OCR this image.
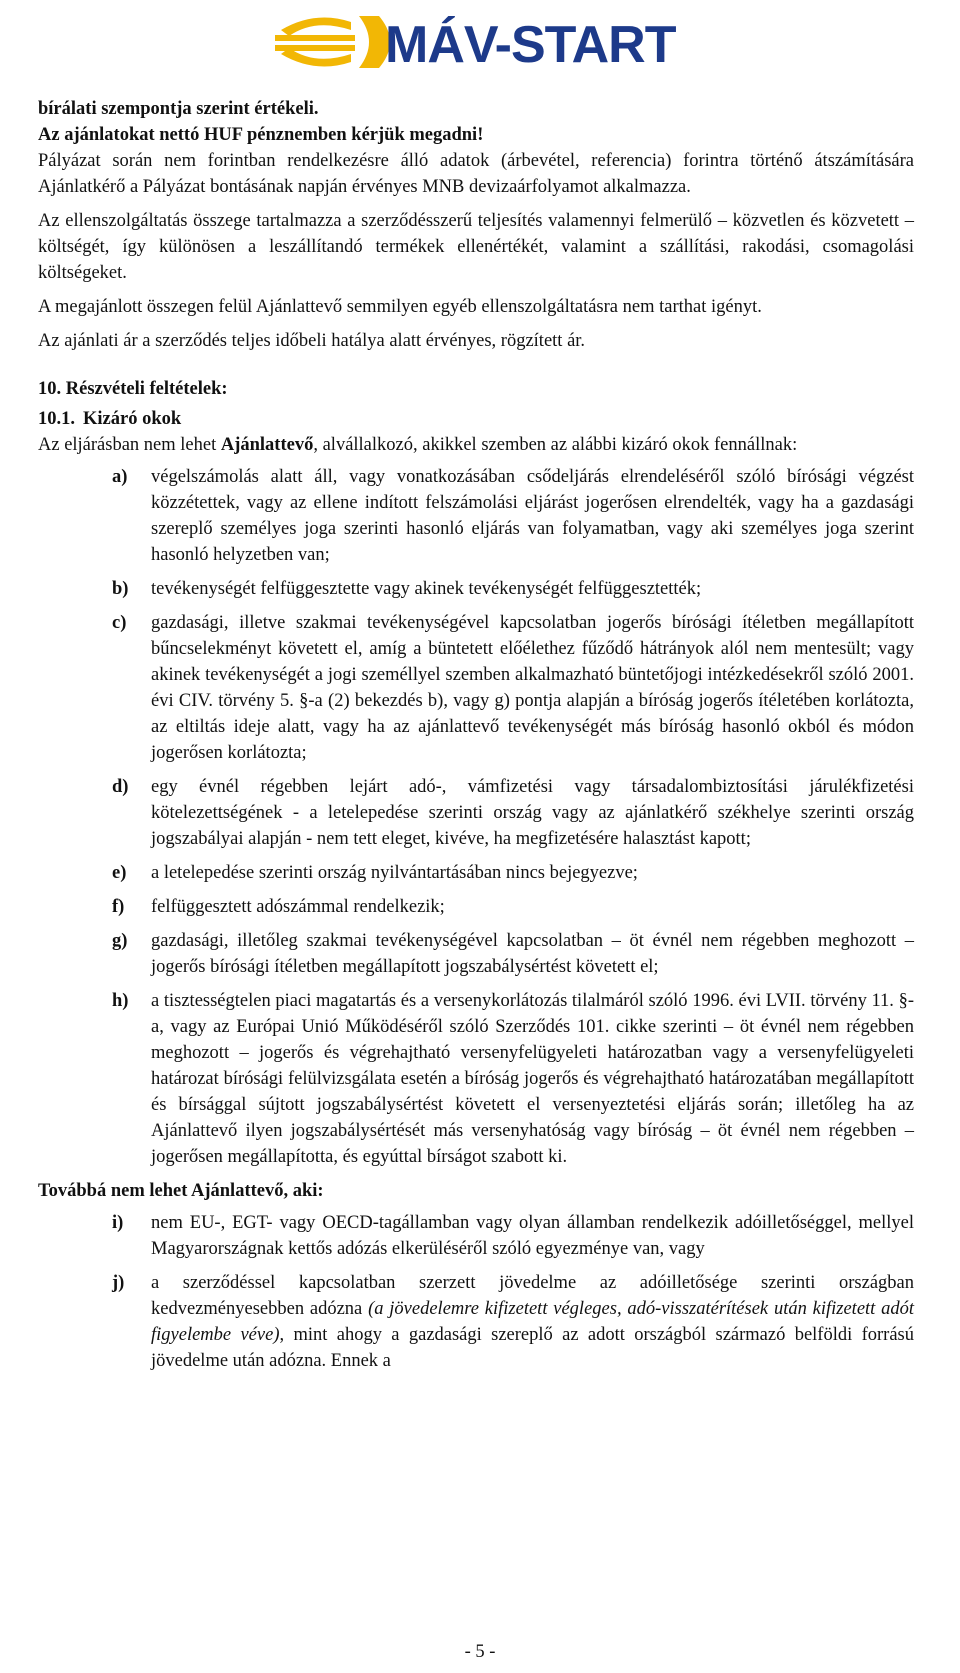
MÁV-START

bírálati szempontja szerint értékeli.

Az ajánlatokat nettó HUF pénznemben kérjük megadni!

Pályázat során nem forintban rendelkezésre álló adatok (árbevétel, referencia) forintra történő átszámítására Ajánlatkérő a Pályázat bontásának napján érvényes MNB devizaárfolyamot alkalmazza.

Az ellenszolgáltatás összege tartalmazza a szerződésszerű teljesítés valamennyi felmerülő – közvetlen és közvetett – költségét, így különösen a leszállítandó termékek ellenértékét, valamint a szállítási, rakodási, csomagolási költségeket.

A megajánlott összegen felül Ajánlattevő semmilyen egyéb ellenszolgáltatásra nem tarthat igényt.

Az ajánlati ár a szerződés teljes időbeli hatálya alatt érvényes, rögzített ár.

10. Részvételi feltételek:

10.1. Kizáró okok

Az eljárásban nem lehet Ajánlattevő, alvállalkozó, akikkel szemben az alábbi kizáró okok fennállnak:

a) végelszámolás alatt áll, vagy vonatkozásában csődeljárás elrendeléséről szóló bírósági végzést közzétettek, vagy az ellene indított felszámolási eljárást jogerősen elrendelték, vagy ha a gazdasági szereplő személyes joga szerinti hasonló eljárás van folyamatban, vagy aki személyes joga szerint hasonló helyzetben van;
b) tevékenységét felfüggesztette vagy akinek tevékenységét felfüggesztették;
c) gazdasági, illetve szakmai tevékenységével kapcsolatban jogerős bírósági ítéletben megállapított bűncselekményt követett el, amíg a büntetett előélethez fűződő hátrányok alól nem mentesült; vagy akinek tevékenységét a jogi személlyel szemben alkalmazható büntetőjogi intézkedésekről szóló 2001. évi CIV. törvény 5. §-a (2) bekezdés b), vagy g) pontja alapján a bíróság jogerős ítéletében korlátozta, az eltiltás ideje alatt, vagy ha az ajánlattevő tevékenységét más bíróság hasonló okból és módon jogerősen korlátozta;
d) egy évnél régebben lejárt adó-, vámfizetési vagy társadalombiztosítási járulékfizetési kötelezettségének - a letelepedése szerinti ország vagy az ajánlatkérő székhelye szerinti ország jogszabályai alapján - nem tett eleget, kivéve, ha megfizetésére halasztást kapott;
e) a letelepedése szerinti ország nyilvántartásában nincs bejegyezve;
f) felfüggesztett adószámmal rendelkezik;
g) gazdasági, illetőleg szakmai tevékenységével kapcsolatban – öt évnél nem régebben meghozott – jogerős bírósági ítéletben megállapított jogszabálysértést követett el;
h) a tisztességtelen piaci magatartás és a versenykorlátozás tilalmáról szóló 1996. évi LVII. törvény 11. §-a, vagy az Európai Unió Működéséről szóló Szerződés 101. cikke szerinti – öt évnél nem régebben meghozott – jogerős és végrehajtható versenyfelügyeleti határozatban vagy a versenyfelügyeleti határozat bírósági felülvizsgálata esetén a bíróság jogerős és végrehajtható határozatában megállapított és bírsággal sújtott jogszabálysértést követett el versenyeztetési eljárás során; illetőleg ha az Ajánlattevő ilyen jogszabálysértését más versenyhatóság vagy bíróság – öt évnél nem régebben – jogerősen megállapította, és egyúttal bírságot szabott ki.

Továbbá nem lehet Ajánlattevő, aki:

i) nem EU-, EGT- vagy OECD-tagállamban vagy olyan államban rendelkezik adóilletőséggel, mellyel Magyarországnak kettős adózás elkerüléséről szóló egyezménye van, vagy
j) a szerződéssel kapcsolatban szerzett jövedelme az adóilletősége szerinti országban kedvezményesebben adózna (a jövedelemre kifizetett végleges, adó-visszatérítések után kifizetett adót figyelembe véve), mint ahogy a gazdasági szereplő az adott országból származó belföldi forrású jövedelme után adózna. Ennek a
- 5 -
